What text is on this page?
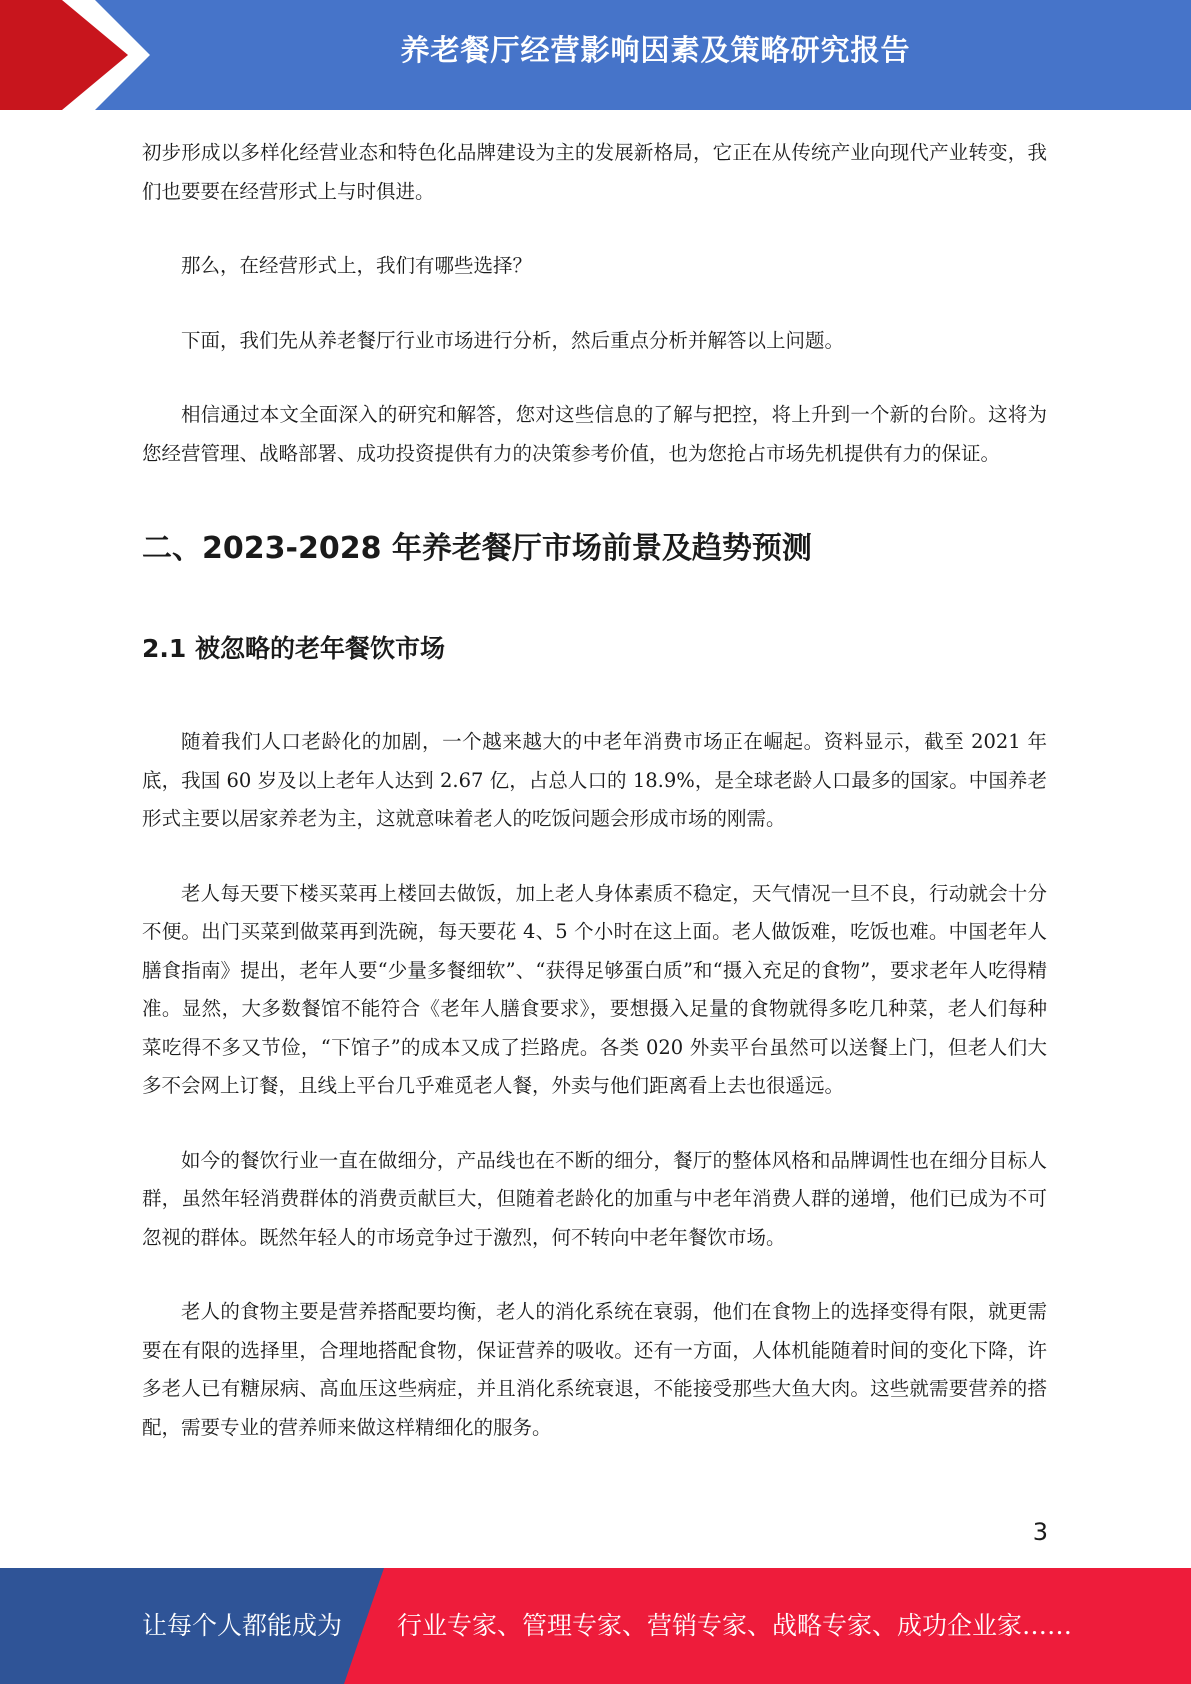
养老餐厅经营影响因素及策略研究报告

初步形成以多样化经营业态和特色化品牌建设为主的发展新格局，它正在从传统产业向现代产业转变，我们也要要在经营形式上与时俱进。

那么，在经营形式上，我们有哪些选择？

下面，我们先从养老餐厅行业市场进行分析，然后重点分析并解答以上问题。

相信通过本文全面深入的研究和解答，您对这些信息的了解与把控，将上升到一个新的台阶。这将为您经营管理、战略部署、成功投资提供有力的决策参考价值，也为您抢占市场先机提供有力的保证。

二、2023-2028 年养老餐厅市场前景及趋势预测
2.1 被忽略的老年餐饮市场

随着我们人口老龄化的加剧，一个越来越大的中老年消费市场正在崛起。资料显示，截至 2021 年底，我国 60 岁及以上老年人达到 2.67 亿，占总人口的 18.9%，是全球老龄人口最多的国家。中国养老形式主要以居家养老为主，这就意味着老人的吃饭问题会形成市场的刚需。

老人每天要下楼买菜再上楼回去做饭，加上老人身体素质不稳定，天气情况一旦不良，行动就会十分不便。出门买菜到做菜再到洗碗，每天要花 4、5 个小时在这上面。老人做饭难，吃饭也难。中国老年人膳食指南》提出，老年人要“少量多餐细软”、“获得足够蛋白质”和“摄入充足的食物”，要求老年人吃得精准。显然，大多数餐馆不能符合《老年人膳食要求》，要想摄入足量的食物就得多吃几种菜，老人们每种菜吃得不多又节俭，“下馆子”的成本又成了拦路虎。各类 020 外卖平台虽然可以送餐上门，但老人们大多不会网上订餐，且线上平台几乎难觅老人餐，外卖与他们距离看上去也很遥远。

如今的餐饮行业一直在做细分，产品线也在不断的细分，餐厅的整体风格和品牌调性也在细分目标人群，虽然年轻消费群体的消费贡献巨大，但随着老龄化的加重与中老年消费人群的递增，他们已成为不可忽视的群体。既然年轻人的市场竞争过于激烈，何不转向中老年餐饮市场。

老人的食物主要是营养搭配要均衡，老人的消化系统在衰弱，他们在食物上的选择变得有限，就更需要在有限的选择里，合理地搭配食物，保证营养的吸收。还有一方面，人体机能随着时间的变化下降，许多老人已有糖尿病、高血压这些病症，并且消化系统衰退，不能接受那些大鱼大肉。这些就需要营养的搭配，需要专业的营养师来做这样精细化的服务。

3
让每个人都能成为 行业专家、管理专家、营销专家、战略专家、成功企业家……
